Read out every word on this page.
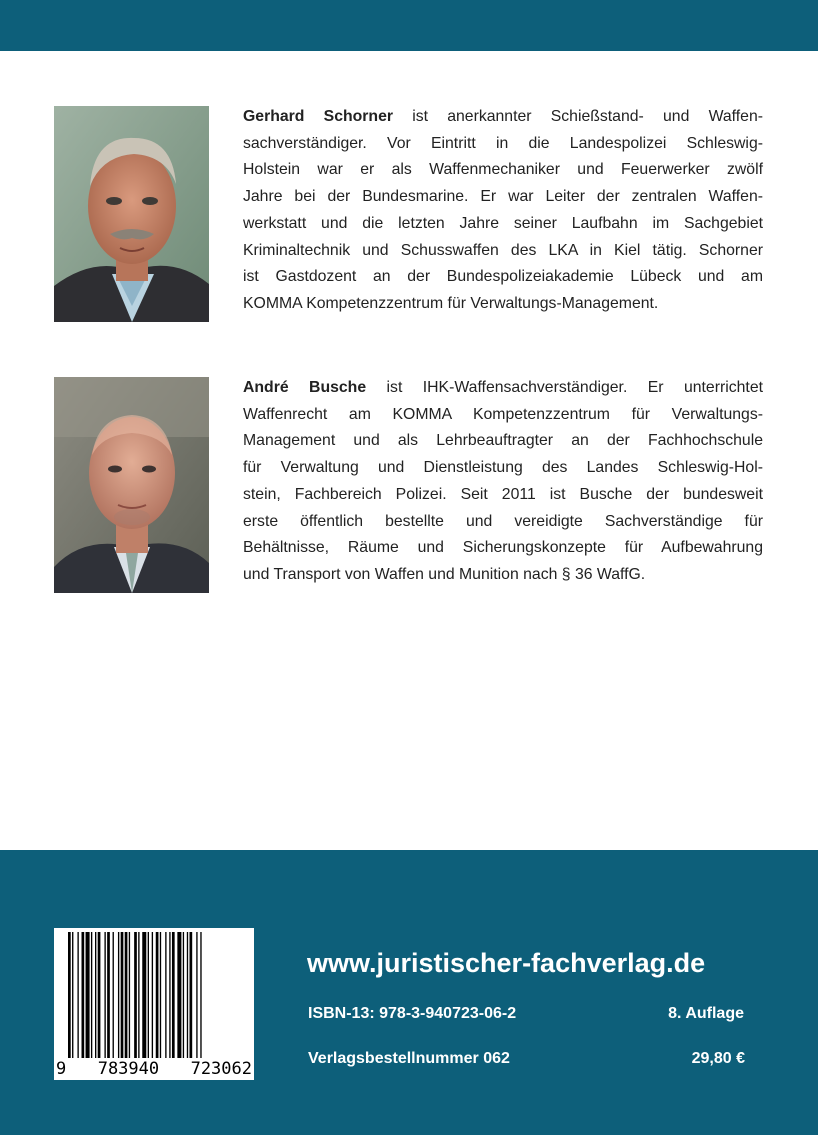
Gerhard Schorner ist anerkannter Schießstand- und Waffen-
sachverständiger. Vor Eintritt in die Landespolizei Schleswig-
Holstein war er als Waffenmechaniker und Feuerwerker zwölf
Jahre bei der Bundesmarine. Er war Leiter der zentralen Waffen-
werkstatt und die letzten Jahre seiner Laufbahn im Sachgebiet
Kriminaltechnik und Schusswaffen des LKA in Kiel tätig. Schorner
ist Gastdozent an der Bundespolizeiakademie Lübeck und am
KOMMA Kompetenzzentrum für Verwaltungs-Management.
André Busche ist IHK-Waffensachverständiger. Er unterrichtet
Waffenrecht am KOMMA Kompetenzzentrum für Verwaltungs-
Management und als Lehrbeauftragter an der Fachhochschule
für Verwaltung und Dienstleistung des Landes Schleswig-Hol-
stein, Fachbereich Polizei. Seit 2011 ist Busche der bundesweit
erste öffentlich bestellte und vereidigte Sachverständige für
Behältnisse, Räume und Sicherungskonzepte für Aufbewahrung
und Transport von Waffen und Munition nach § 36 WaffG.
9 783940 723062
www.juristischer-fachverlag.de
ISBN-13: 978-3-940723-06-2	8. Auflage
Verlagsbestellnummer 062	29,80 €
